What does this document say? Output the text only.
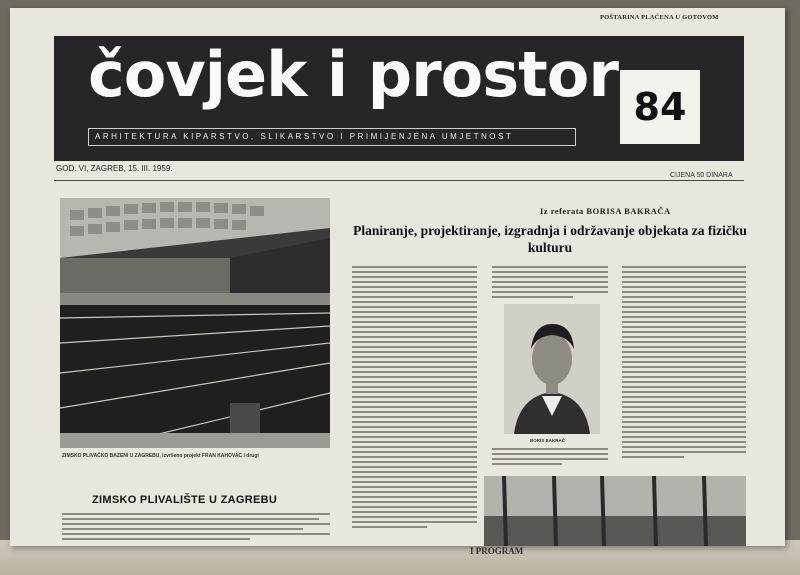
I PROGRAM
POŠTARINA PLAĆENA U GOTOVOM
čovjek i prostor
ARHITEKTURA KIPARSTVO, SLIKARSTVO I PRIMIJENJENA UMJETNOST
84
GOD. VI, ZAGREB, 15. III. 1959.
CIJENA 50 DINARA
ZIMSKO PLIVAČKO BAZENI U ZAGREBU, izvršeno projekt FRAN KAHOVAC i drugi
ZIMSKO PLIVALIŠTE U ZAGREBU
Iz referata BORISA BAKRAČA
Planiranje, projektiranje, izgradnja i održavanje objekata za fizičku kulturu
BORIS BAKRAČ
